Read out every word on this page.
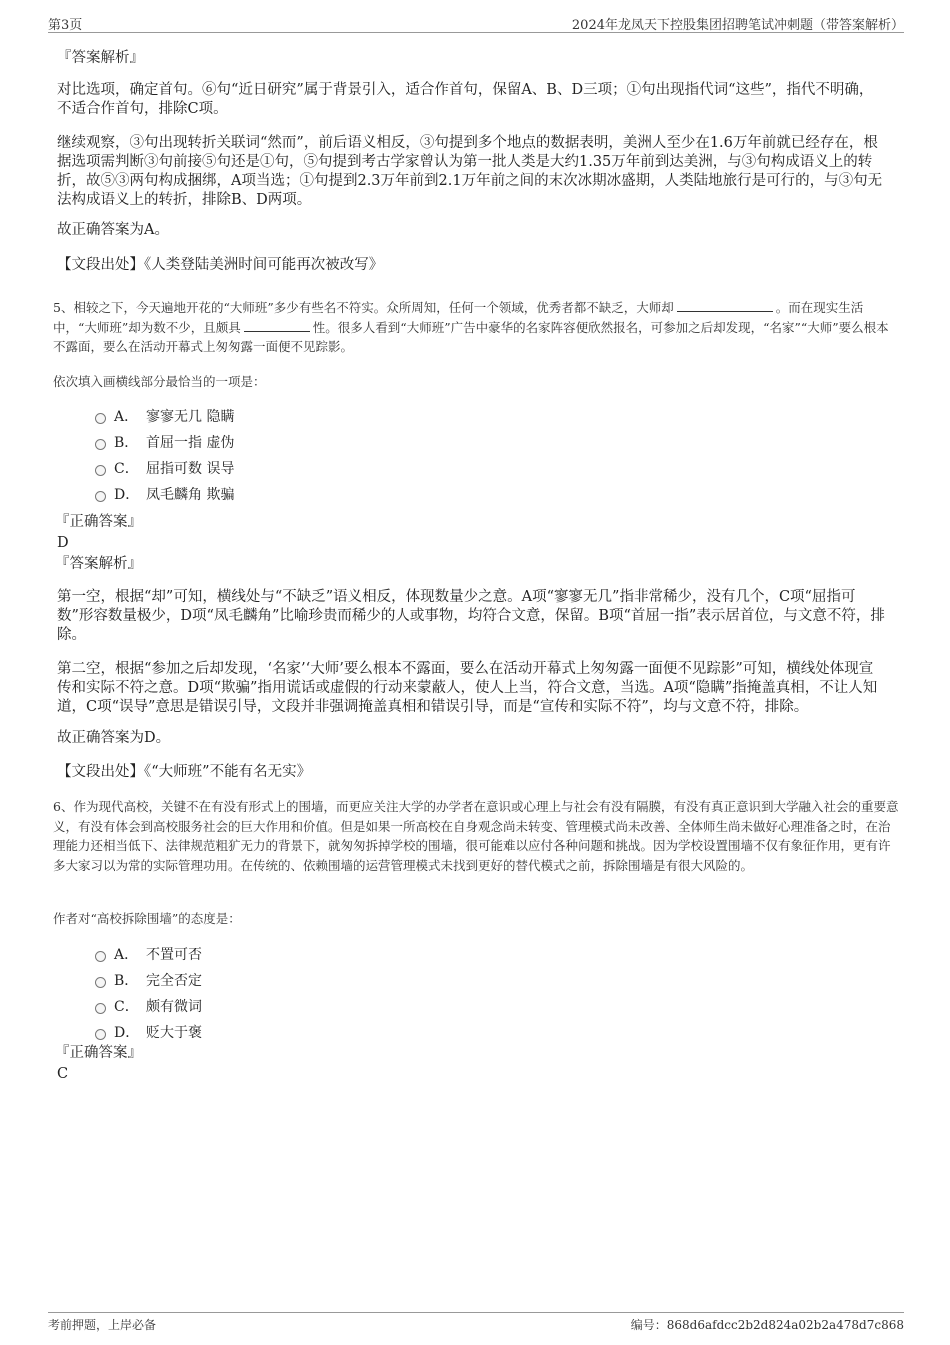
第3页	2024年龙凤天下控股集团招聘笔试冲刺题（带答案解析）
『答案解析』
对比选项，确定首句。⑥句“近日研究”属于背景引入，适合作首句，保留A、B、D三项；①句出现指代词“这些”，指代不明确，不适合作首句，排除C项。
继续观察，③句出现转折关联词“然而”，前后语义相反，③句提到多个地点的数据表明，美洲人至少在1.6万年前就已经存在，根据选项需判断③句前接⑤句还是①句，⑤句提到考古学家曾认为第一批人类是大约1.35万年前到达美洲，与③句构成语义上的转折，故⑤③两句构成捆绑，A项当选；①句提到2.3万年前到2.1万年前之间的末次冰期冰盛期，人类陆地旅行是可行的，与③句无法构成语义上的转折，排除B、D两项。
故正确答案为A。
【文段出处】《人类登陆美洲时间可能再次被改写》
5、相较之下，今天遍地开花的“大师班”多少有些名不符实。众所周知，任何一个领域，优秀者都不缺乏，大师却	。而在现实生活中，“大师班”却为数不少，且颇具	性。很多人看到“大师班”广告中豪华的名家阵容便欣然报名，可参加之后却发现，“名家”“大师”要么根本不露面，要么在活动开幕式上匆匆露一面便不见踪影。
依次填入画横线部分最恰当的一项是：
A． 寥寥无几 隐瞒
B． 首屈一指 虚伪
C． 屈指可数 误导
D． 凤毛麟角 欺骗
『正确答案』
D
『答案解析』
第一空，根据“却”可知，横线处与“不缺乏”语义相反，体现数量少之意。A项“寥寥无几”指非常稀少，没有几个，C项“屈指可数”形容数量极少，D项“凤毛麟角”比喻珍贵而稀少的人或事物，均符合文意，保留。B项“首屈一指”表示居首位，与文意不符，排除。
第二空，根据“参加之后却发现，‘名家’‘大师’要么根本不露面，要么在活动开幕式上匆匆露一面便不见踪影”可知，横线处体现宣传和实际不符之意。D项“欺骗”指用谎话或虚假的行动来蒙蔽人，使人上当，符合文意，当选。A项“隐瞒”指掩盖真相，不让人知道，C项“误导”意思是错误引导，文段并非强调掩盖真相和错误引导，而是“宣传和实际不符”，均与文意不符，排除。
故正确答案为D。
【文段出处】《“大师班”不能有名无实》
6、作为现代高校，关键不在有没有形式上的围墙，而更应关注大学的办学者在意识或心理上与社会有没有隔膜，有没有真正意识到大学融入社会的重要意义，有没有体会到高校服务社会的巨大作用和价值。但是如果一所高校在自身观念尚未转变、管理模式尚未改善、全体师生尚未做好心理准备之时，在治理能力还相当低下、法律规范粗犷无力的背景下，就匆匆拆掉学校的围墙，很可能难以应付各种问题和挑战。因为学校设置围墙不仅有象征作用，更有许多大家习以为常的实际管理功用。在传统的、依赖围墙的运营管理模式未找到更好的替代模式之前，拆除围墙是有很大风险的。
作者对“高校拆除围墙”的态度是：
A． 不置可否
B． 完全否定
C． 颇有微词
D． 贬大于褒
『正确答案』
C
考前押题，上岸必备	编号：868d6afdcc2b2d824a02b2a478d7c868
